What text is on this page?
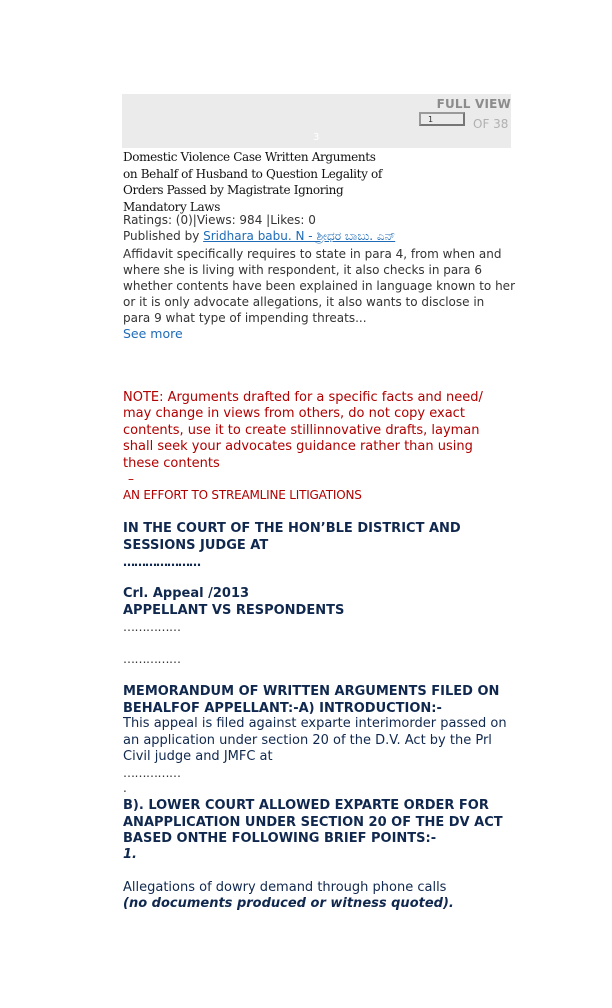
FULL VIEW
1
OF 38
3
Domestic Violence Case Written Arguments
on Behalf of Husband to Question Legality of
Orders Passed by Magistrate Ignoring
Mandatory Laws
Ratings: (0)|Views: 984 |Likes: 0
Published by Sridhara babu. N - ಶ್ರೀಧರ ಬಾಬು. ಎನ್

Affidavit specifically requires to state in para 4, from when and where she is living with respondent, it also checks in para 6 whether contents have been explained in language known to her or it is only advocate allegations, it also wants to disclose in para 9 what type of impending threats...

See more

NOTE: Arguments drafted for a specific facts and need/ may change in views from others, do not copy exact contents, use it to create stillinnovative drafts, layman shall seek your advocates guidance rather than using these contents

–
AN EFFORT TO STREAMLINE LITIGATIONS

IN THE COURT OF THE HON’BLE DISTRICT AND SESSIONS JUDGE AT

…………………

Crl. Appeal /2013

APPELLANT VS RESPONDENTS

……………
……………

MEMORANDUM OF WRITTEN ARGUMENTS FILED ON BEHALFOF APPELLANT:-A) INTRODUCTION:-

This appeal is filed against exparte interimorder passed on an application under section 20 of the D.V. Act by the Prl Civil judge and JMFC at

……………
.

B). LOWER COURT ALLOWED EXPARTE ORDER FOR ANAPPLICATION UNDER SECTION 20 OF THE DV ACT BASED ONTHE FOLLOWING BRIEF POINTS:-

1.
Allegations of dowry demand through phone calls
(no documents produced or witness quoted).
